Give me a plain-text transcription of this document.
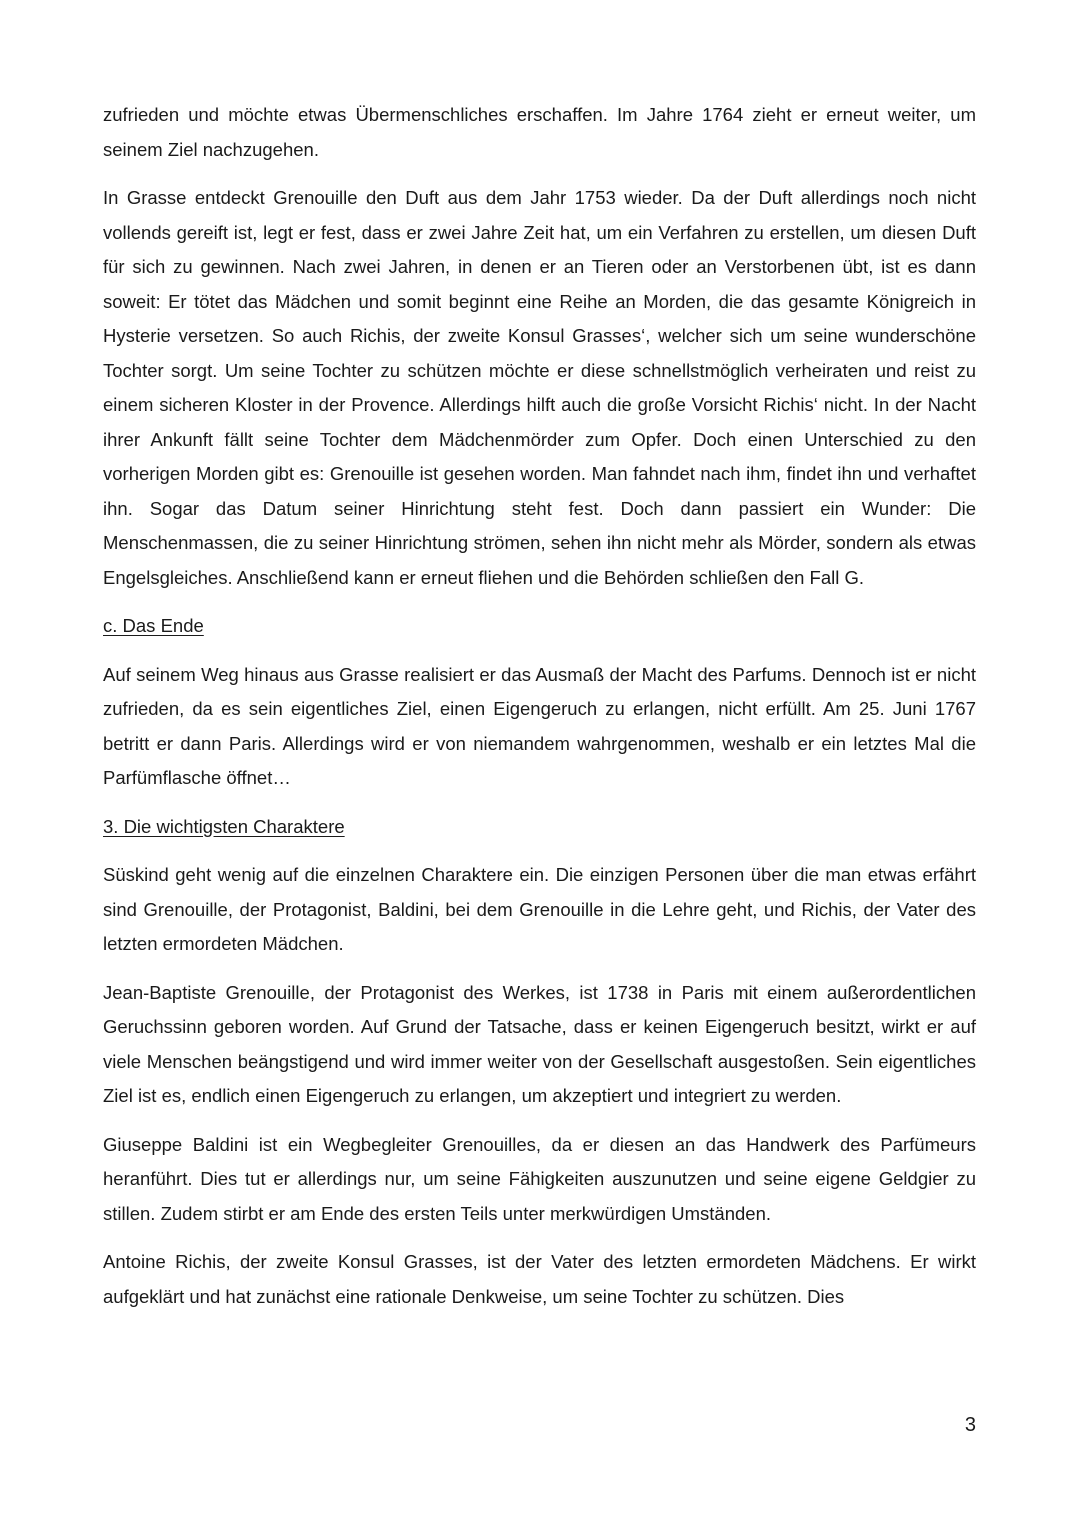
zufrieden und möchte etwas Übermenschliches erschaffen. Im Jahre 1764 zieht er erneut weiter, um seinem Ziel nachzugehen.

In Grasse entdeckt Grenouille den Duft aus dem Jahr 1753 wieder. Da der Duft allerdings noch nicht vollends gereift ist, legt er fest, dass er zwei Jahre Zeit hat, um ein Verfahren zu erstellen, um diesen Duft für sich zu gewinnen. Nach zwei Jahren, in denen er an Tieren oder an Verstorbenen übt, ist es dann soweit: Er tötet das Mädchen und somit beginnt eine Reihe an Morden, die das gesamte Königreich in Hysterie versetzen. So auch Richis, der zweite Konsul Grasses‘, welcher sich um seine wunderschöne Tochter sorgt. Um seine Tochter zu schützen möchte er diese schnellstmöglich verheiraten und reist zu einem sicheren Kloster in der Provence. Allerdings hilft auch die große Vorsicht Richis‘ nicht. In der Nacht ihrer Ankunft fällt seine Tochter dem Mädchenmörder zum Opfer. Doch einen Unterschied zu den vorherigen Morden gibt es: Grenouille ist gesehen worden. Man fahndet nach ihm, findet ihn und verhaftet ihn. Sogar das Datum seiner Hinrichtung steht fest. Doch dann passiert ein Wunder: Die Menschenmassen, die zu seiner Hinrichtung strömen, sehen ihn nicht mehr als Mörder, sondern als etwas Engelsgleiches. Anschließend kann er erneut fliehen und die Behörden schließen den Fall G.

c. Das Ende

Auf seinem Weg hinaus aus Grasse realisiert er das Ausmaß der Macht des Parfums. Dennoch ist er nicht zufrieden, da es sein eigentliches Ziel, einen Eigengeruch zu erlangen, nicht erfüllt. Am 25. Juni 1767 betritt er dann Paris. Allerdings wird er von niemandem wahrgenommen, weshalb er ein letztes Mal die Parfümflasche öffnet…

3. Die wichtigsten Charaktere

Süskind geht wenig auf die einzelnen Charaktere ein. Die einzigen Personen über die man etwas erfährt sind Grenouille, der Protagonist, Baldini, bei dem Grenouille in die Lehre geht, und Richis, der Vater des letzten ermordeten Mädchen.

Jean-Baptiste Grenouille, der Protagonist des Werkes, ist 1738 in Paris mit einem außerordentlichen Geruchssinn geboren worden. Auf Grund der Tatsache, dass er keinen Eigengeruch besitzt, wirkt er auf viele Menschen beängstigend und wird immer weiter von der Gesellschaft ausgestoßen. Sein eigentliches Ziel ist es, endlich einen Eigengeruch zu erlangen, um akzeptiert und integriert zu werden.

Giuseppe Baldini ist ein Wegbegleiter Grenouilles, da er diesen an das Handwerk des Parfümeurs heranführt. Dies tut er allerdings nur, um seine Fähigkeiten auszunutzen und seine eigene Geldgier zu stillen. Zudem stirbt er am Ende des ersten Teils unter merkwürdigen Umständen.

Antoine Richis, der zweite Konsul Grasses, ist der Vater des letzten ermordeten Mädchens. Er wirkt aufgeklärt und hat zunächst eine rationale Denkweise, um seine Tochter zu schützen. Dies

3
